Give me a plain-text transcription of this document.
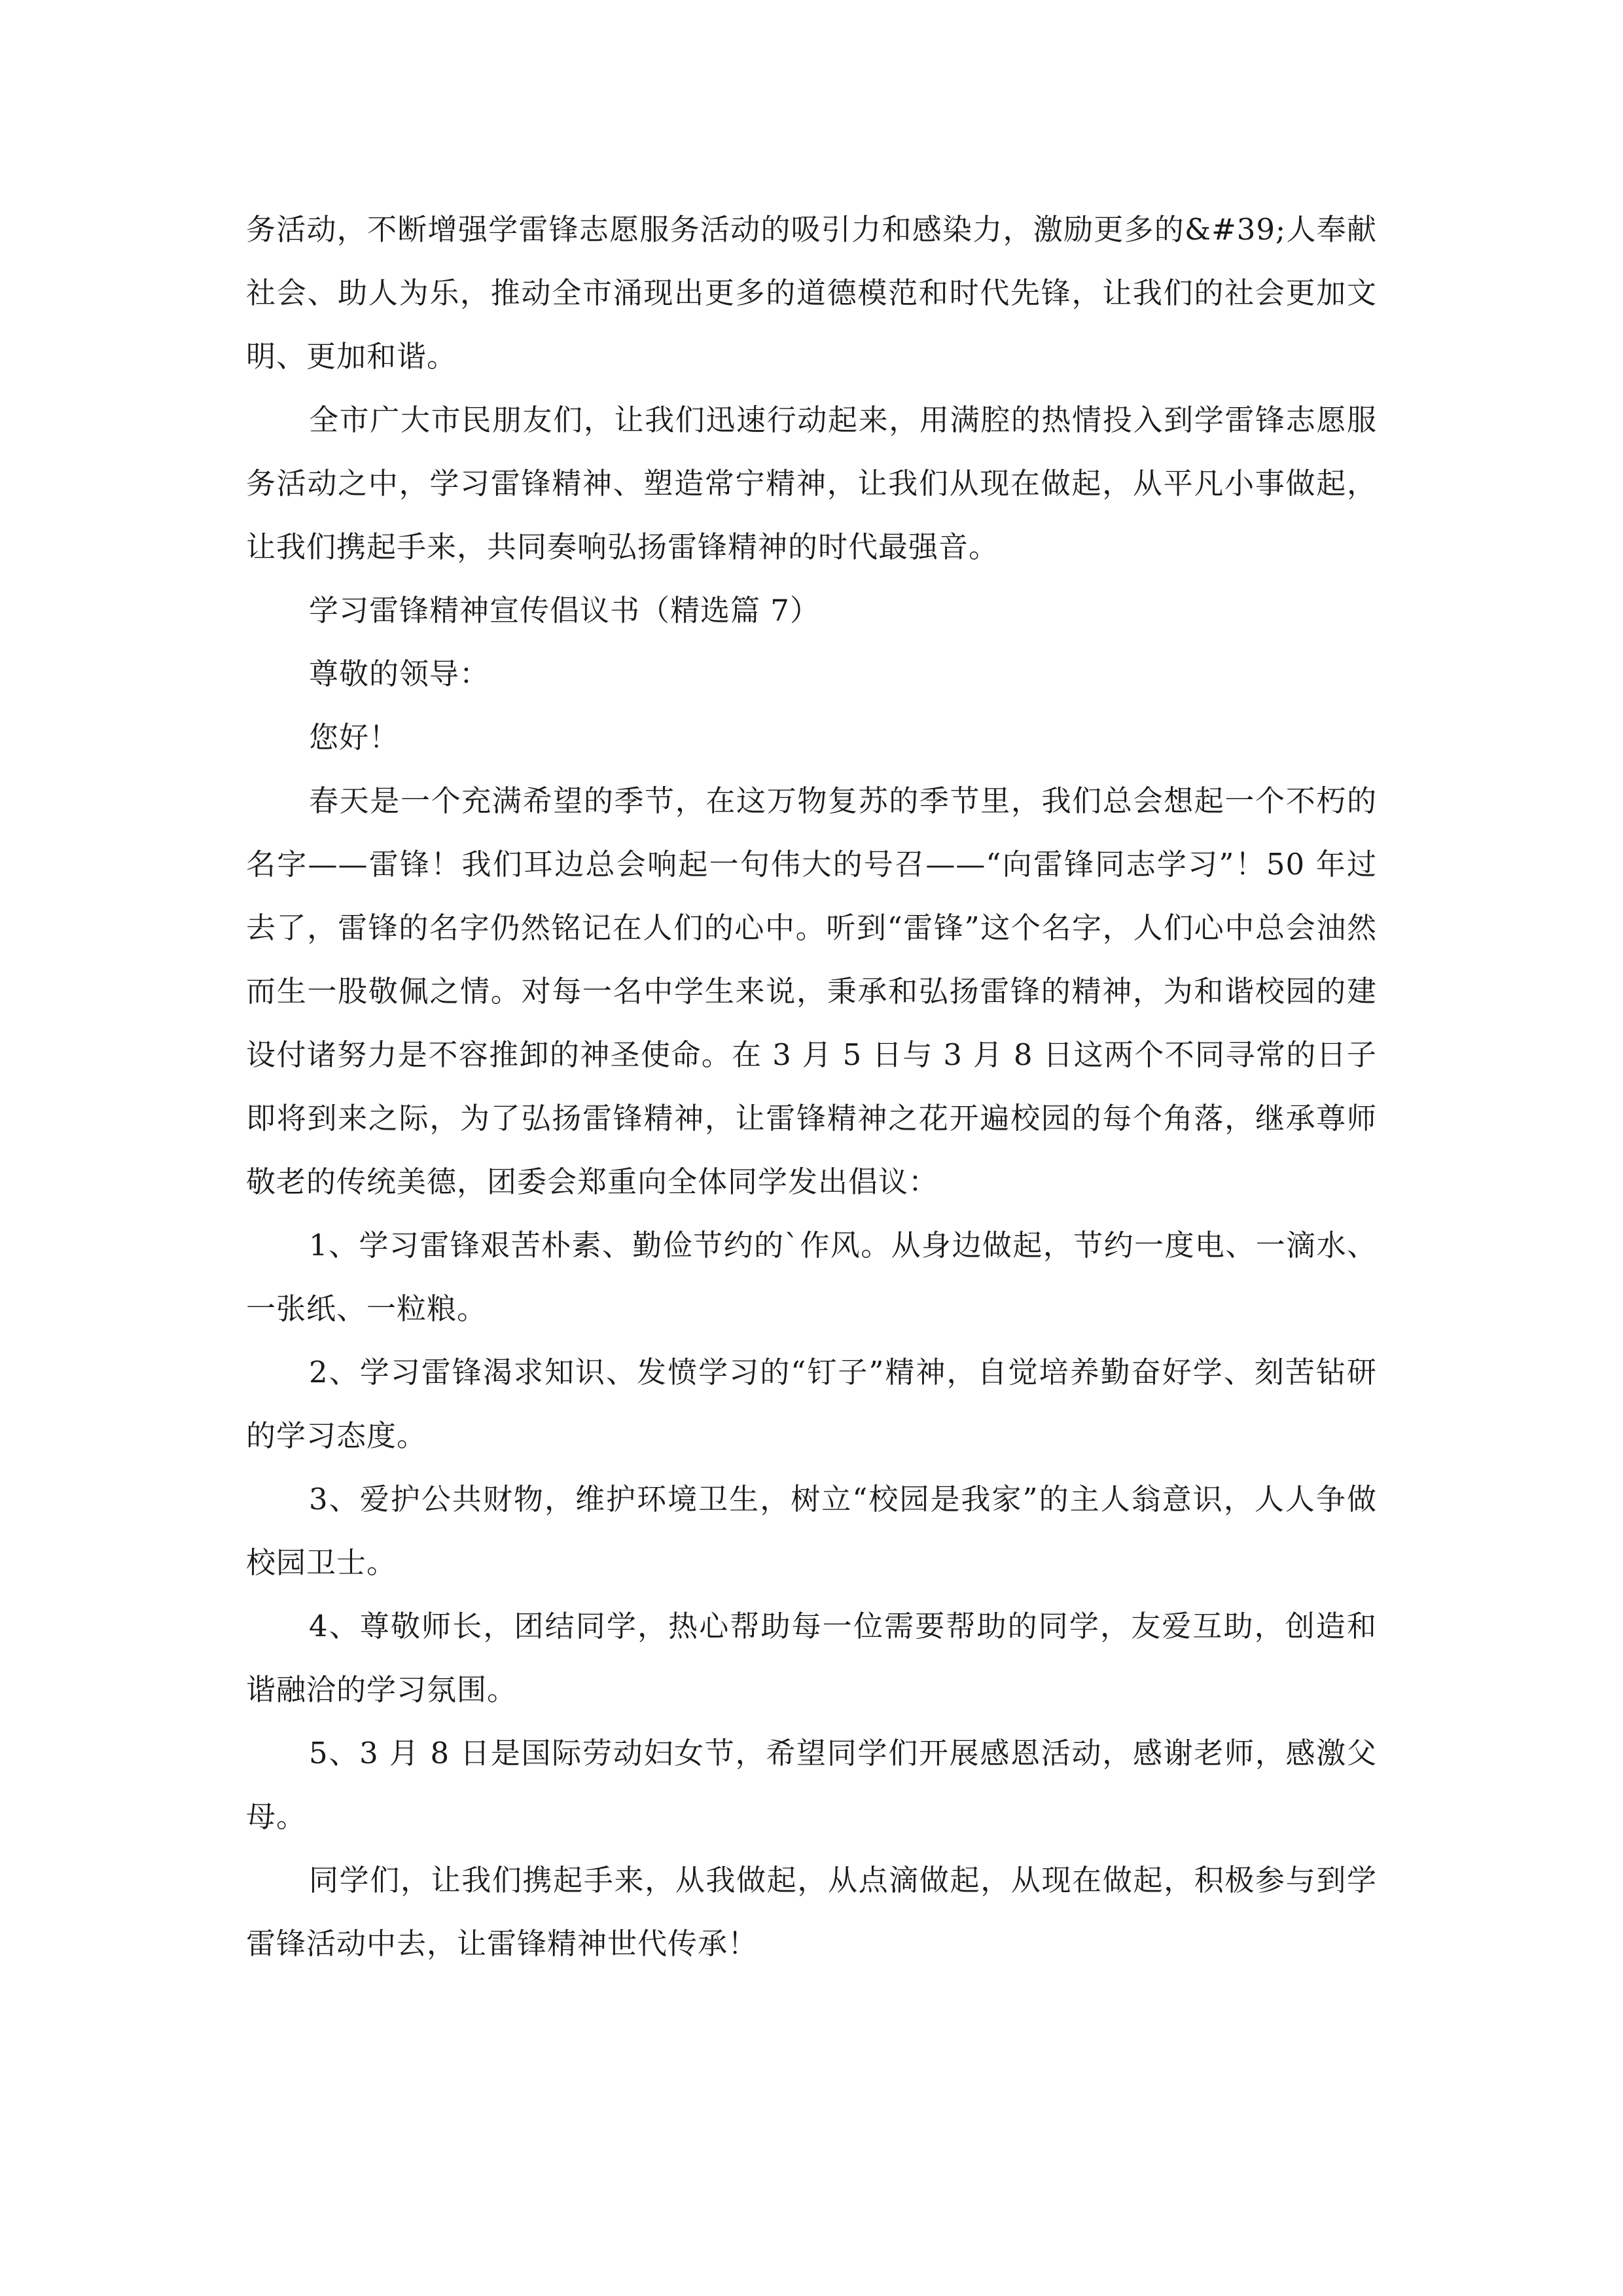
务活动，不断增强学雷锋志愿服务活动的吸引力和感染力，激励更多的&#39;人奉献社会、助人为乐，推动全市涌现出更多的道德模范和时代先锋，让我们的社会更加文明、更加和谐。

全市广大市民朋友们，让我们迅速行动起来，用满腔的热情投入到学雷锋志愿服务活动之中，学习雷锋精神、塑造常宁精神，让我们从现在做起，从平凡小事做起，让我们携起手来，共同奏响弘扬雷锋精神的时代最强音。

学习雷锋精神宣传倡议书（精选篇 7）

尊敬的领导：

您好！

春天是一个充满希望的季节，在这万物复苏的季节里，我们总会想起一个不朽的名字——雷锋！我们耳边总会响起一句伟大的号召——“向雷锋同志学习”！50 年过去了，雷锋的名字仍然铭记在人们的心中。听到“雷锋”这个名字，人们心中总会油然而生一股敬佩之情。对每一名中学生来说，秉承和弘扬雷锋的精神，为和谐校园的建设付诸努力是不容推卸的神圣使命。在 3 月 5 日与 3 月 8 日这两个不同寻常的日子即将到来之际，为了弘扬雷锋精神，让雷锋精神之花开遍校园的每个角落，继承尊师敬老的传统美德，团委会郑重向全体同学发出倡议：

1、学习雷锋艰苦朴素、勤俭节约的`作风。从身边做起，节约一度电、一滴水、一张纸、一粒粮。

2、学习雷锋渴求知识、发愤学习的“钉子”精神，自觉培养勤奋好学、刻苦钻研的学习态度。

3、爱护公共财物，维护环境卫生，树立“校园是我家”的主人翁意识，人人争做校园卫士。

4、尊敬师长，团结同学，热心帮助每一位需要帮助的同学，友爱互助，创造和谐融洽的学习氛围。

5、3 月 8 日是国际劳动妇女节，希望同学们开展感恩活动，感谢老师，感激父母。

同学们，让我们携起手来，从我做起，从点滴做起，从现在做起，积极参与到学雷锋活动中去，让雷锋精神世代传承！
